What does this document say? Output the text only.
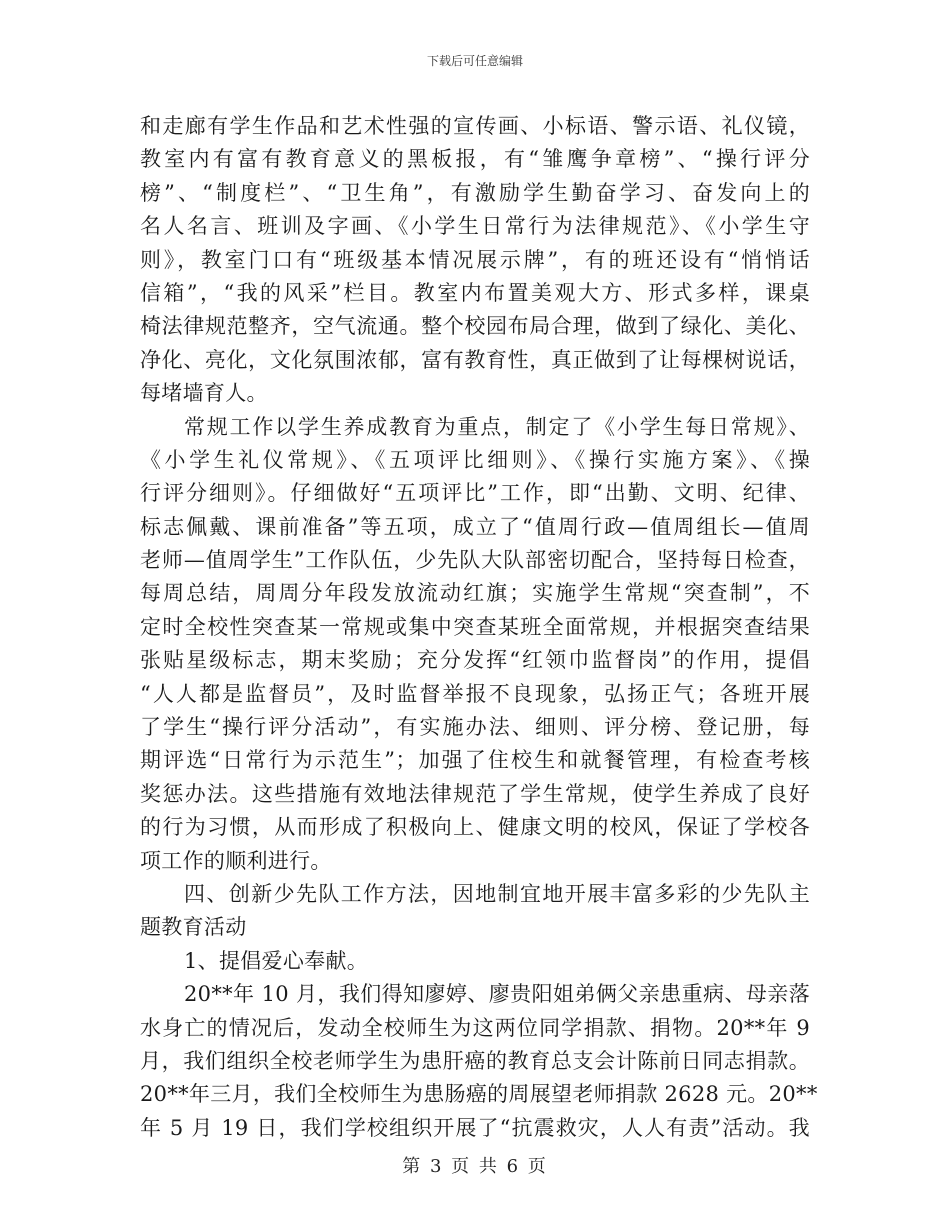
下载后可任意编辑
和走廊有学生作品和艺术性强的宣传画、小标语、警示语、礼仪镜，
教室内有富有教育意义的黑板报，有“雏鹰争章榜”、“操行评分
榜”、“制度栏”、“卫生角”，有激励学生勤奋学习、奋发向上的
名人名言、班训及字画、《小学生日常行为法律规范》、《小学生守
则》，教室门口有“班级基本情况展示牌”，有的班还设有“悄悄话
信箱”，“我的风采”栏目。教室内布置美观大方、形式多样，课桌
椅法律规范整齐，空气流通。整个校园布局合理，做到了绿化、美化、
净化、亮化，文化氛围浓郁，富有教育性，真正做到了让每棵树说话，
每堵墙育人。
常规工作以学生养成教育为重点，制定了《小学生每日常规》、
《小学生礼仪常规》、《五项评比细则》、《操行实施方案》、《操
行评分细则》。仔细做好“五项评比”工作，即“出勤、文明、纪律、
标志佩戴、课前准备”等五项，成立了“值周行政—值周组长—值周
老师—值周学生”工作队伍，少先队大队部密切配合，坚持每日检查，
每周总结，周周分年段发放流动红旗；实施学生常规“突查制”，不
定时全校性突查某一常规或集中突查某班全面常规，并根据突查结果
张贴星级标志，期末奖励；充分发挥“红领巾监督岗”的作用，提倡
“人人都是监督员”，及时监督举报不良现象，弘扬正气；各班开展
了学生“操行评分活动”，有实施办法、细则、评分榜、登记册，每
期评选“日常行为示范生”；加强了住校生和就餐管理，有检查考核
奖惩办法。这些措施有效地法律规范了学生常规，使学生养成了良好
的行为习惯，从而形成了积极向上、健康文明的校风，保证了学校各
项工作的顺利进行。
四、创新少先队工作方法，因地制宜地开展丰富多彩的少先队主
题教育活动
1、提倡爱心奉献。
20**年 10 月，我们得知廖婷、廖贵阳姐弟俩父亲患重病、母亲落
水身亡的情况后，发动全校师生为这两位同学捐款、捐物。20**年 9
月，我们组织全校老师学生为患肝癌的教育总支会计陈前日同志捐款。
20**年三月，我们全校师生为患肠癌的周展望老师捐款 2628 元。20**
年 5 月 19 日，我们学校组织开展了“抗震救灾，人人有责”活动。我
第 3 页 共 6 页
